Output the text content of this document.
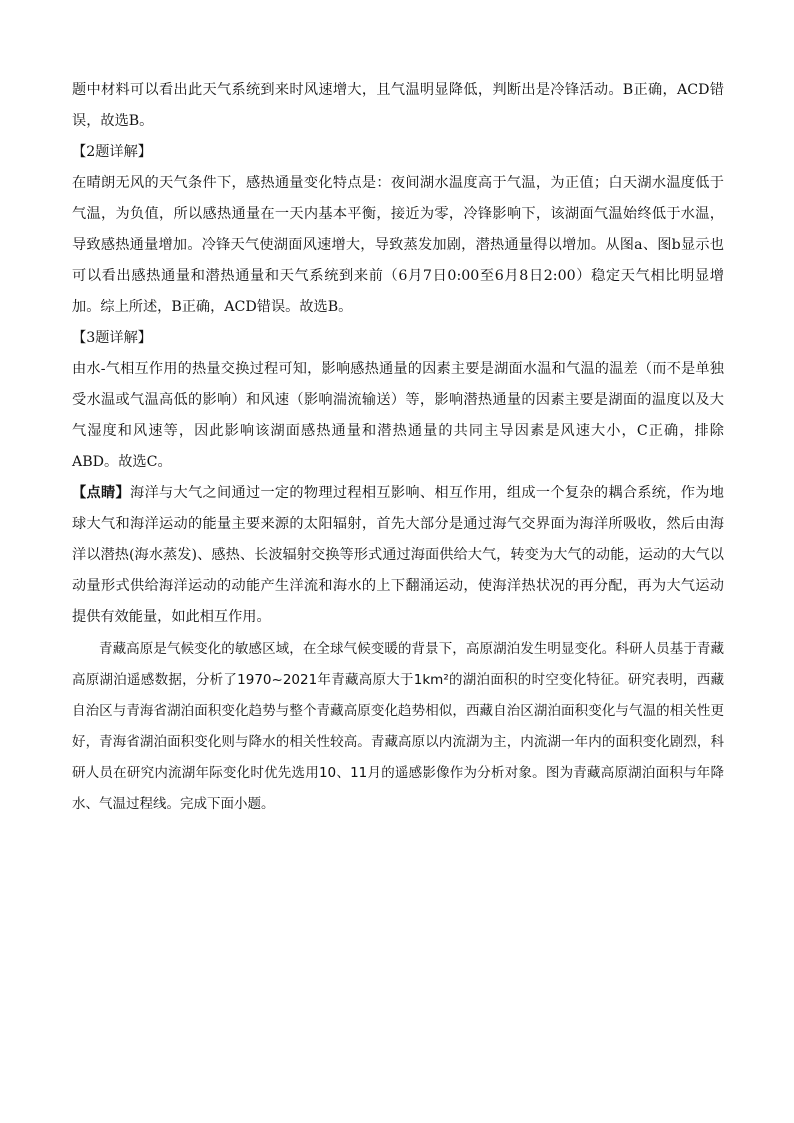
题中材料可以看出此天气系统到来时风速增大，且气温明显降低，判断出是冷锋活动。B正确，ACD错误，故选B。

【2题详解】

在晴朗无风的天气条件下，感热通量变化特点是：夜间湖水温度高于气温，为正值；白天湖水温度低于气温，为负值，所以感热通量在一天内基本平衡，接近为零，冷锋影响下，该湖面气温始终低于水温，导致感热通量增加。冷锋天气使湖面风速增大，导致蒸发加剧，潜热通量得以增加。从图a、图b显示也可以看出感热通量和潜热通量和天气系统到来前（6月7日0:00至6月8日2:00）稳定天气相比明显增加。综上所述，B正确，ACD错误。故选B。

【3题详解】

由水-气相互作用的热量交换过程可知，影响感热通量的因素主要是湖面水温和气温的温差（而不是单独受水温或气温高低的影响）和风速（影响湍流输送）等，影响潜热通量的因素主要是湖面的温度以及大气湿度和风速等，因此影响该湖面感热通量和潜热通量的共同主导因素是风速大小，C正确，排除ABD。故选C。

【点睛】海洋与大气之间通过一定的物理过程相互影响、相互作用，组成一个复杂的耦合系统，作为地球大气和海洋运动的能量主要来源的太阳辐射，首先大部分是通过海气交界面为海洋所吸收，然后由海洋以潜热(海水蒸发)、感热、长波辐射交换等形式通过海面供给大气，转变为大气的动能，运动的大气以动量形式供给海洋运动的动能产生洋流和海水的上下翻涌运动，使海洋热状况的再分配，再为大气运动提供有效能量，如此相互作用。

青藏高原是气候变化的敏感区域，在全球气候变暖的背景下，高原湖泊发生明显变化。科研人员基于青藏高原湖泊遥感数据，分析了1970~2021年青藏高原大于1km²的湖泊面积的时空变化特征。研究表明，西藏自治区与青海省湖泊面积变化趋势与整个青藏高原变化趋势相似，西藏自治区湖泊面积变化与气温的相关性更好，青海省湖泊面积变化则与降水的相关性较高。青藏高原以内流湖为主，内流湖一年内的面积变化剧烈，科研人员在研究内流湖年际变化时优先选用10、11月的遥感影像作为分析对象。图为青藏高原湖泊面积与年降水、气温过程线。完成下面小题。
